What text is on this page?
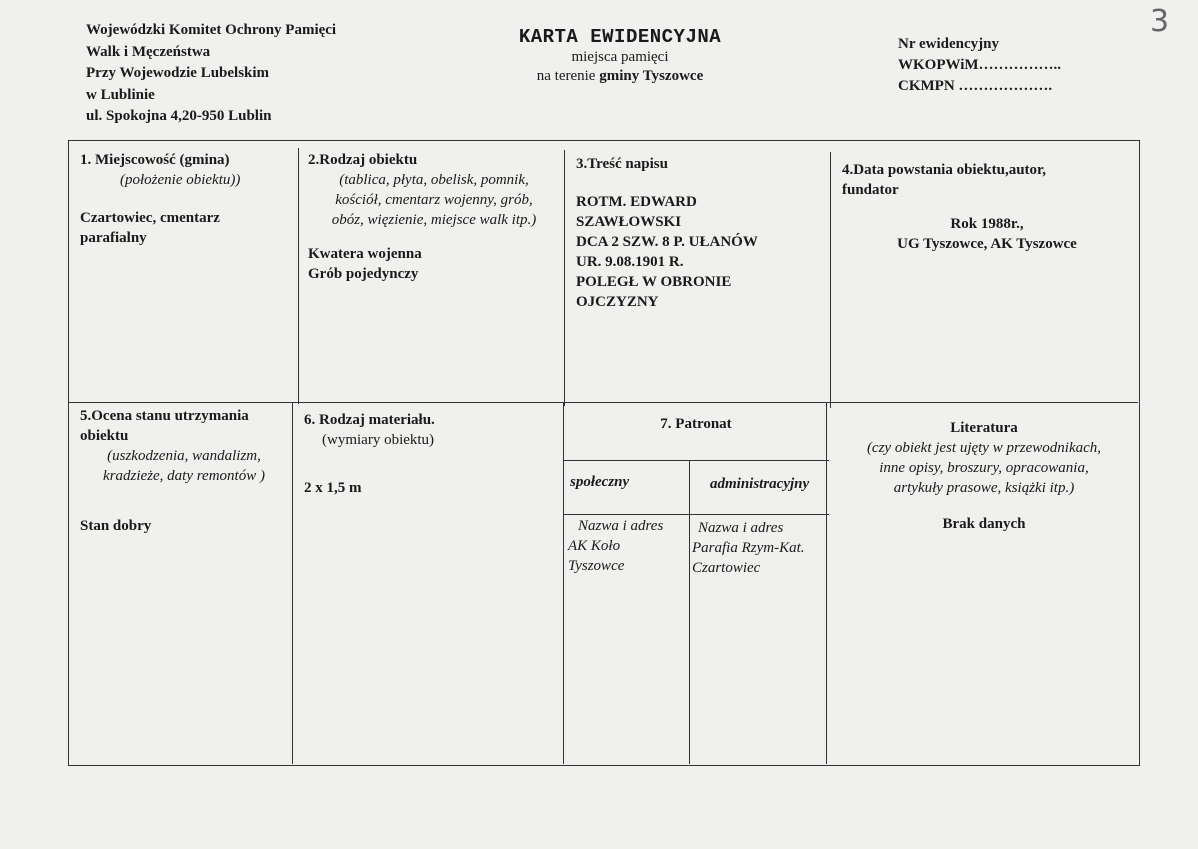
3
Wojewódzki Komitet Ochrony Pamięci
Walk i Męczeństwa
Przy Wojewodzie Lubelskim
w Lublinie
ul. Spokojna 4,20-950 Lublin
KARTA EWIDENCYJNA
miejsca pamięci
na terenie gminy Tyszowce
Nr ewidencyjny
WKOPWiM……………..
CKMPN ……………….
1. Miejscowość (gmina)
(położenie obiektu))
Czartowiec, cmentarz
parafialny
2.Rodzaj obiektu
(tablica, płyta, obelisk, pomnik,
kościół, cmentarz wojenny, grób,
obóz, więzienie, miejsce walk itp.)
Kwatera wojenna
Grób pojedynczy
3.Treść napisu
ROTM. EDWARD
SZAWŁOWSKI
DCA 2 SZW. 8 P. UŁANÓW
UR. 9.08.1901 R.
POLEGŁ W OBRONIE
OJCZYZNY
4.Data powstania obiektu,autor,
fundator
Rok 1988r.,
UG Tyszowce, AK Tyszowce
5.Ocena stanu utrzymania
obiektu
(uszkodzenia, wandalizm,
kradzieże, daty remontów )
Stan dobry
6. Rodzaj materiału.
(wymiary obiektu)
2 x 1,5 m
7. Patronat
społeczny	administracyjny
Nazwa i adres
AK Koło
Tyszowce
Nazwa i adres
Parafia Rzym-Kat.
Czartowiec
Literatura
(czy obiekt jest ujęty w przewodnikach,
inne opisy, broszury, opracowania,
artykuły prasowe, książki itp.)
Brak danych
